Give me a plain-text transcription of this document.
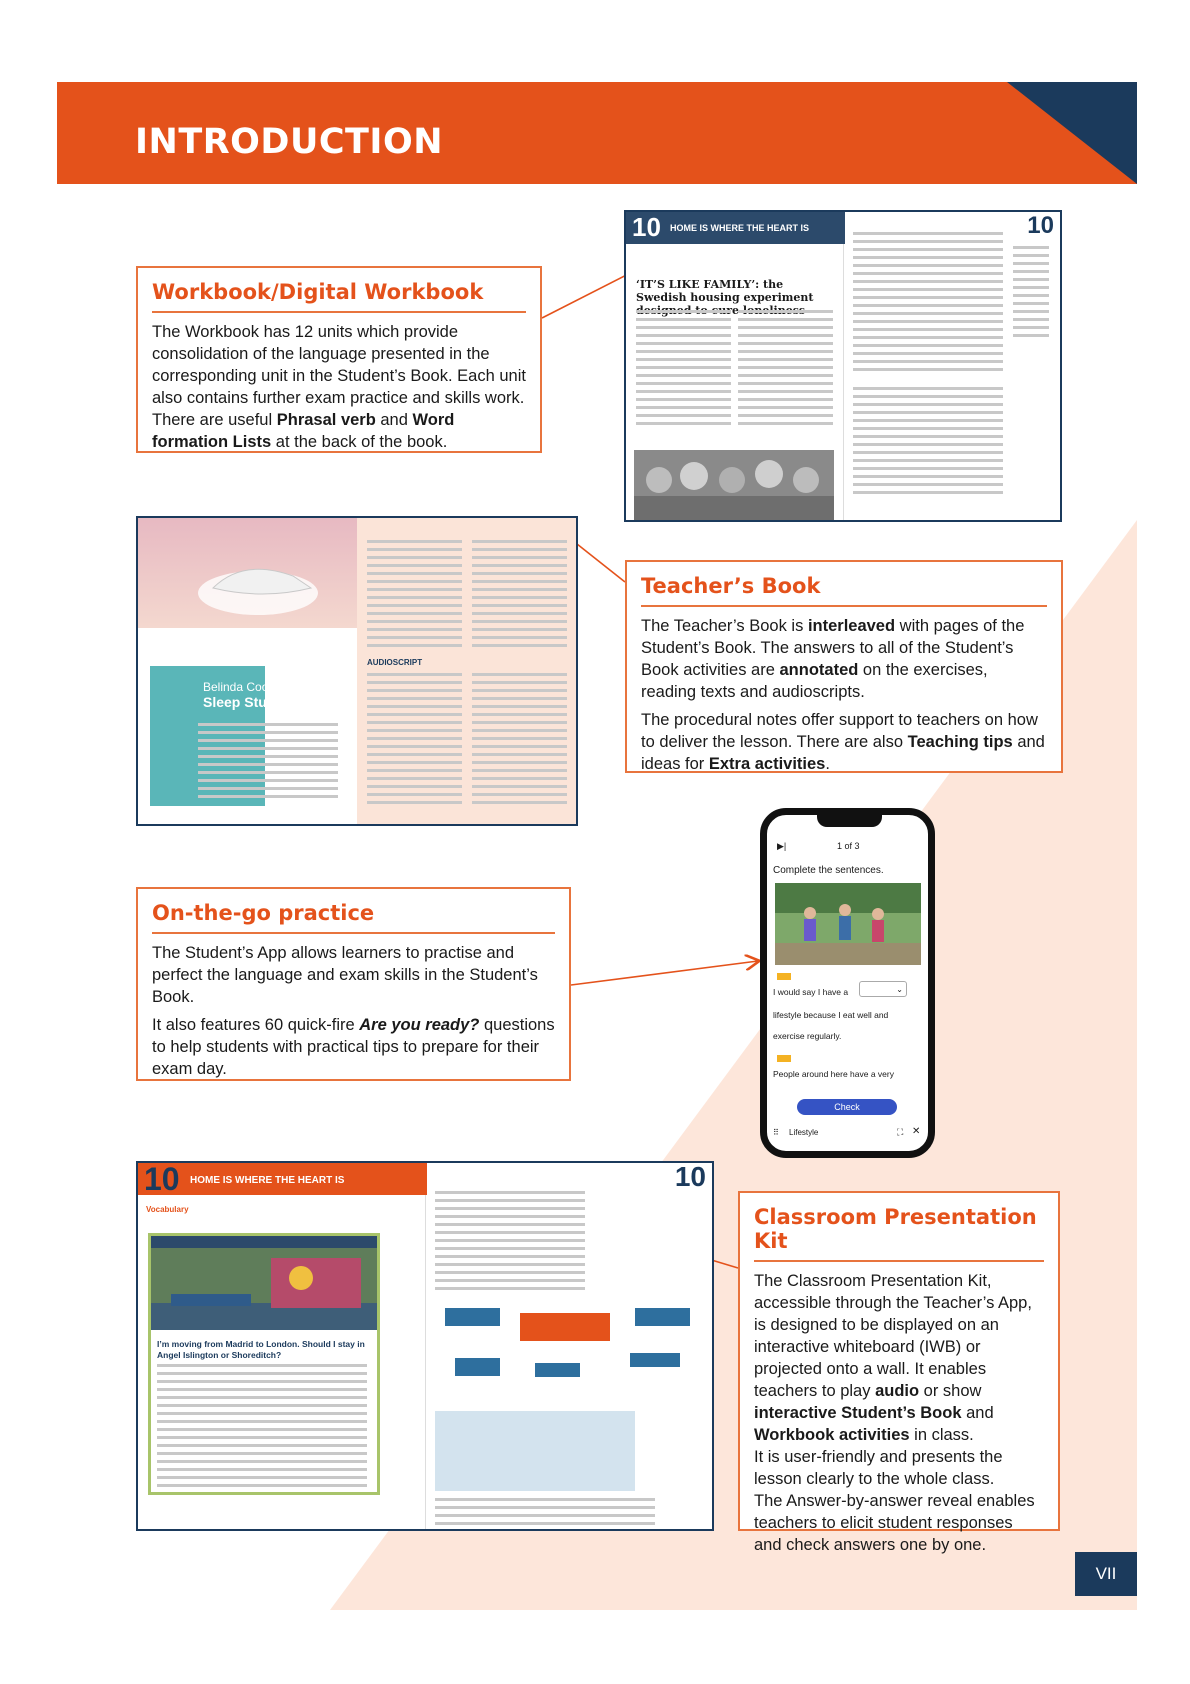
INTRODUCTION
10 HOME IS WHERE THE HEART IS
‘IT’S LIKE FAMILY’: the Swedish housing experiment
10
Workbook/Digital Workbook

The Workbook has 12 units which provide consolidation of the language presented in the corresponding unit in the Student’s Book. Each unit also contains further exam practice and skills work. There are useful Phrasal verb and Word formation Lists at the back of the book.

Belinda Cooke
Sleep Study
AUDIOSCRIPT
Teacher’s Book

The Teacher’s Book is interleaved with pages of the Student’s Book. The answers to all of the Student’s Book activities are annotated on the exercises, reading texts and audioscripts.

The procedural notes offer support to teachers on how to deliver the lesson. There are also Teaching tips and ideas for Extra activities.

▶|	1 of 3
Complete the sentences.
I would say I have a	⌄
lifestyle because I eat well and
exercise regularly.
People around here have a very
Check
⠿ Lifestyle	⛶ ✕
On-the-go practice

The Student’s App allows learners to practise and perfect the language and exam skills in the Student’s Book.

It also features 60 quick-fire Are you ready? questions to help students with practical tips to prepare for their exam day.

10 HOME IS WHERE THE HEART IS
Vocabulary
I’m moving from Madrid to London. Should I stay in Angel Islington or Shoreditch?
10
Classroom Presentation Kit

The Classroom Presentation Kit, accessible through the Teacher’s App, is designed to be displayed on an interactive whiteboard (IWB) or projected onto a wall. It enables teachers to play audio or show interactive Student’s Book and Workbook activities in class.

It is user-friendly and presents the lesson clearly to the whole class.

The Answer-by-answer reveal enables teachers to elicit student responses and check answers one by one.

VII
